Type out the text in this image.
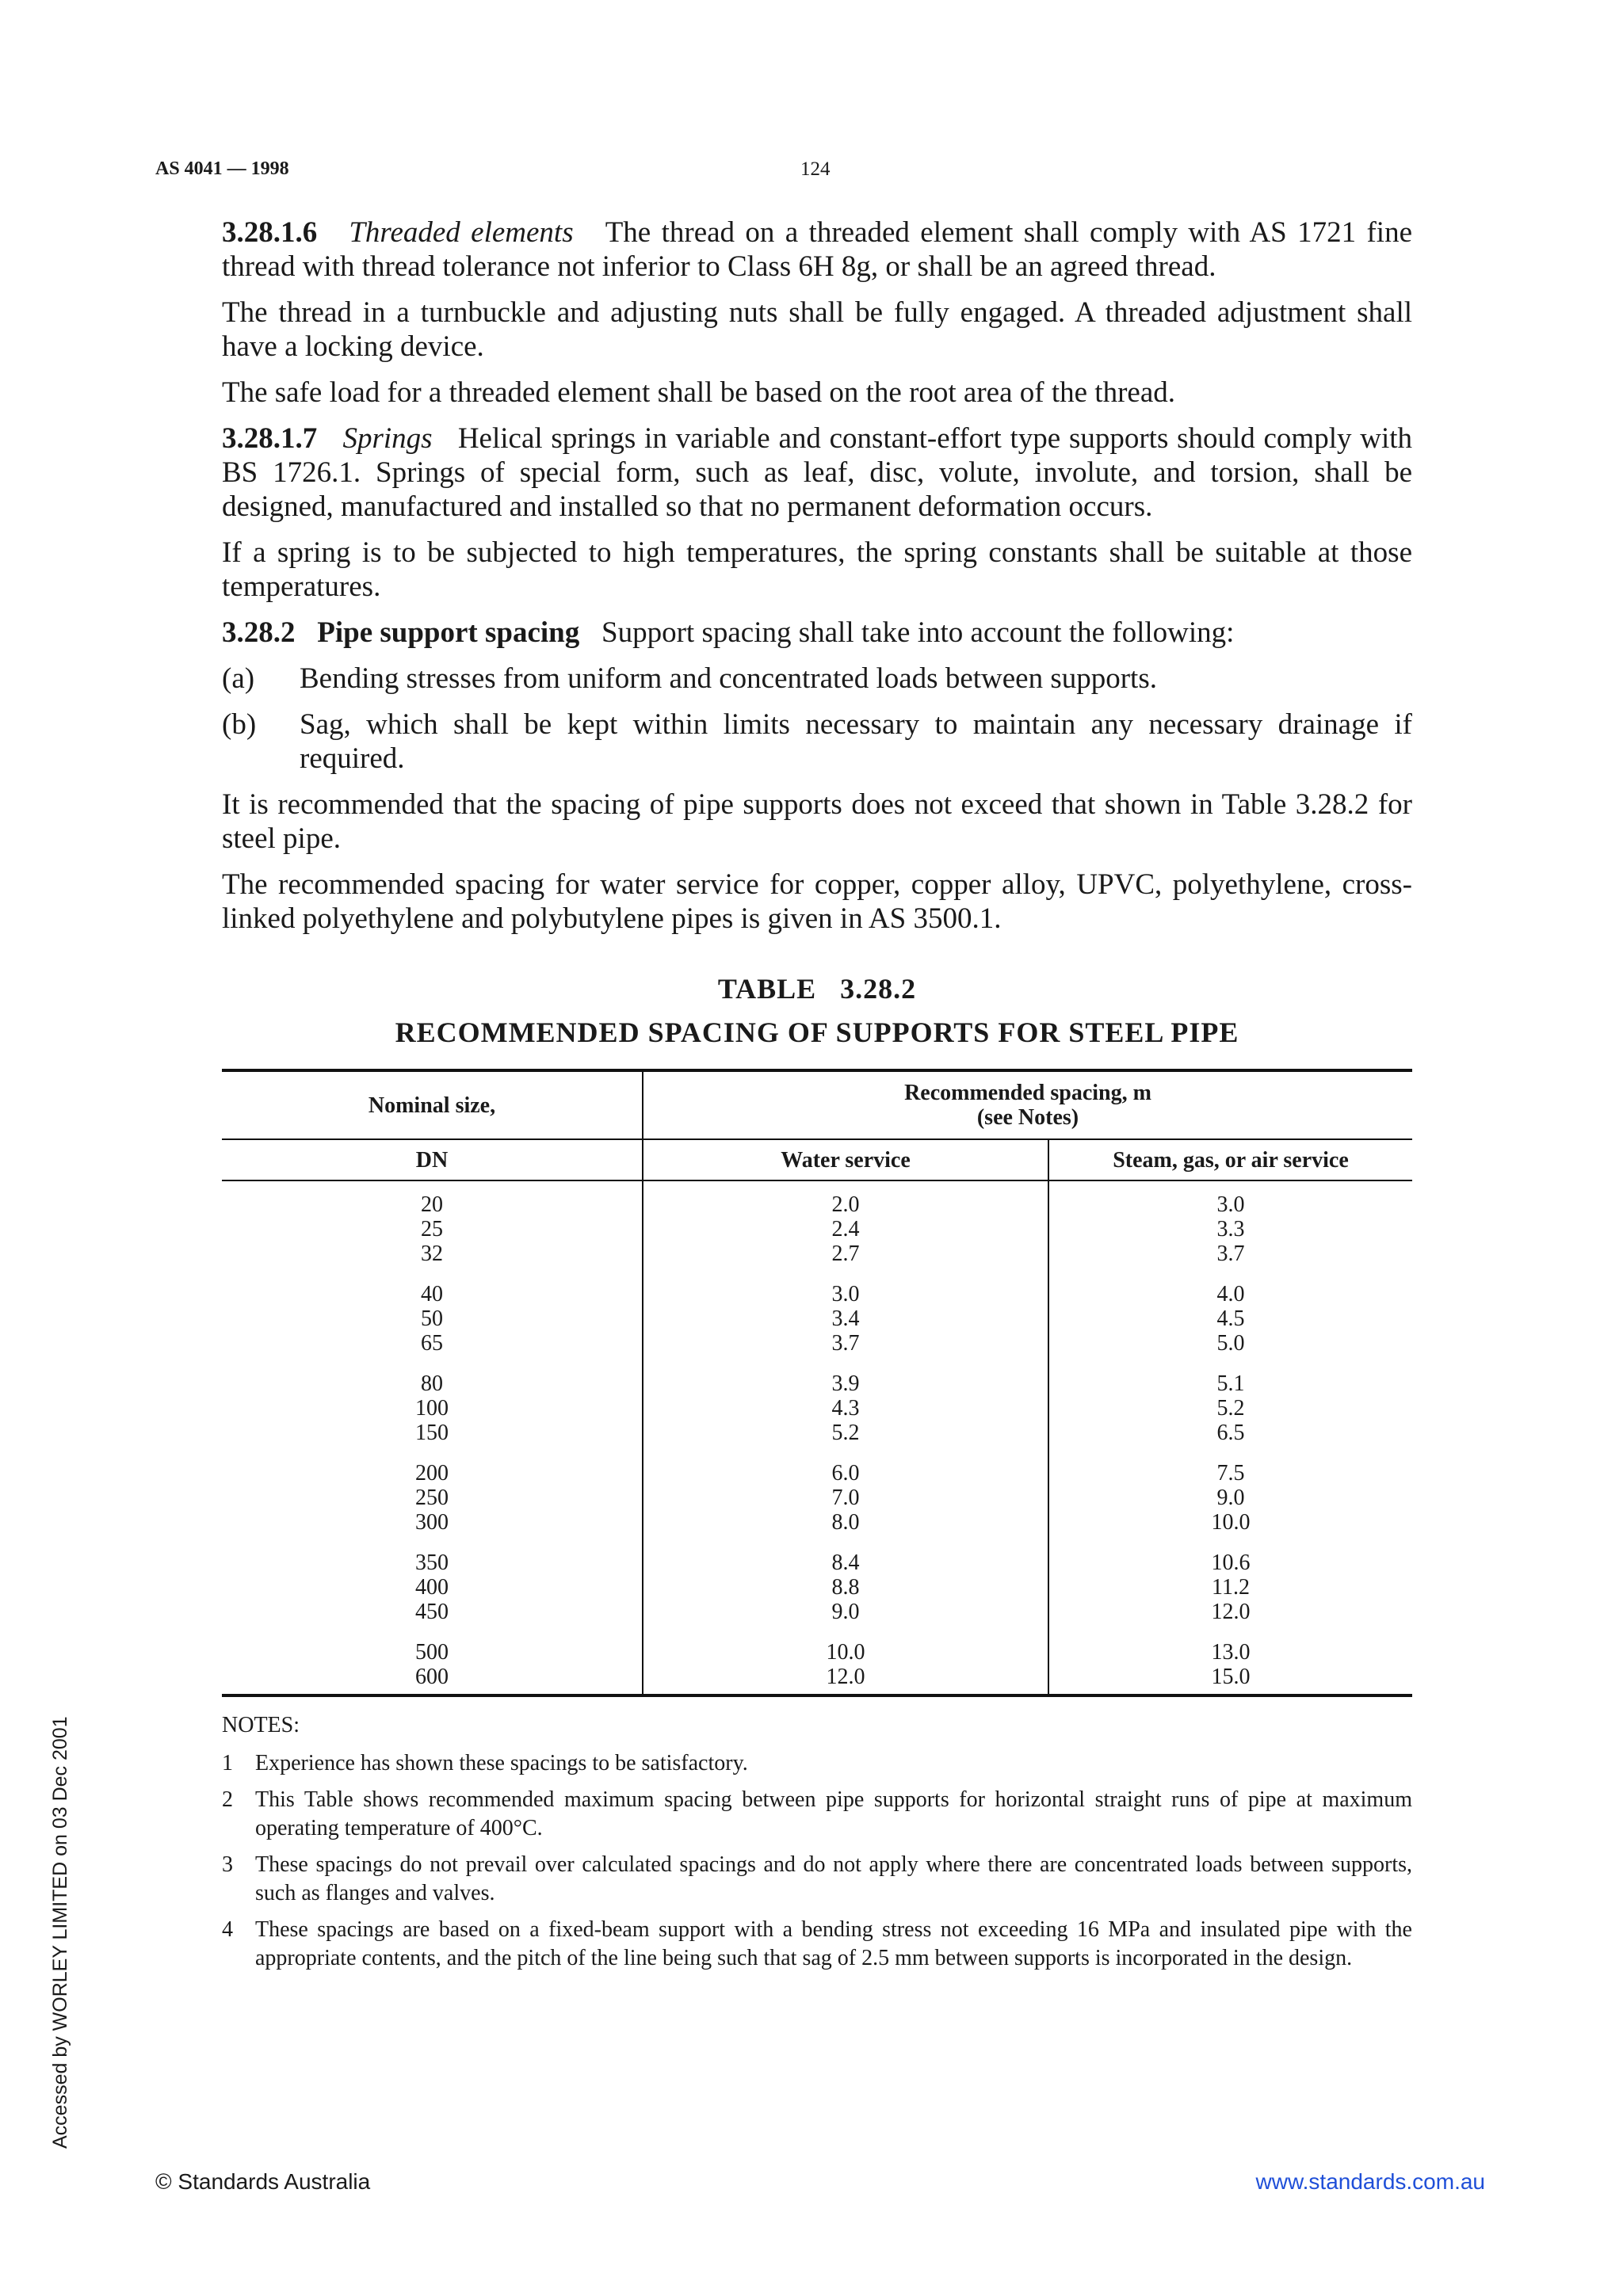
AS 4041 — 1998	124

3.28.1.6 Threaded elements The thread on a threaded element shall comply with AS 1721 fine thread with thread tolerance not inferior to Class 6H 8g, or shall be an agreed thread.

The thread in a turnbuckle and adjusting nuts shall be fully engaged. A threaded adjustment shall have a locking device.

The safe load for a threaded element shall be based on the root area of the thread.

3.28.1.7 Springs Helical springs in variable and constant-effort type supports should comply with BS 1726.1. Springs of special form, such as leaf, disc, volute, involute, and torsion, shall be designed, manufactured and installed so that no permanent deformation occurs.

If a spring is to be subjected to high temperatures, the spring constants shall be suitable at those temperatures.

3.28.2 Pipe support spacing Support spacing shall take into account the following:

(a)	Bending stresses from uniform and concentrated loads between supports.
(b)	Sag, which shall be kept within limits necessary to maintain any necessary drainage if required.

It is recommended that the spacing of pipe supports does not exceed that shown in Table 3.28.2 for steel pipe.

The recommended spacing for water service for copper, copper alloy, UPVC, polyethylene, cross-linked polyethylene and polybutylene pipes is given in AS 3500.1.

TABLE   3.28.2

RECOMMENDED SPACING OF SUPPORTS FOR STEEL PIPE

Nominal size,	Recommended spacing, m
(see Notes)	

DN	Water service	Steam, gas, or air service
20	2.0	3.0
25	2.4	3.3
32	2.7	3.7
40	3.0	4.0
50	3.4	4.5
65	3.7	5.0
80	3.9	5.1
100	4.3	5.2
150	5.2	6.5
200	6.0	7.5
250	7.0	9.0
300	8.0	10.0
350	8.4	10.6
400	8.8	11.2
450	9.0	12.0
500	10.0	13.0
600	12.0	15.0
NOTES:
1	Experience has shown these spacings to be satisfactory.
2	This Table shows recommended maximum spacing between pipe supports for horizontal straight runs of pipe at maximum operating temperature of 400°C.
3	These spacings do not prevail over calculated spacings and do not apply where there are concentrated loads between supports, such as flanges and valves.
4	These spacings are based on a fixed-beam support with a bending stress not exceeding 16 MPa and insulated pipe with the appropriate contents, and the pitch of the line being such that sag of 2.5 mm between supports is incorporated in the design.
Accessed by WORLEY LIMITED on 03 Dec 2001
© Standards Australia	www.standards.com.au
